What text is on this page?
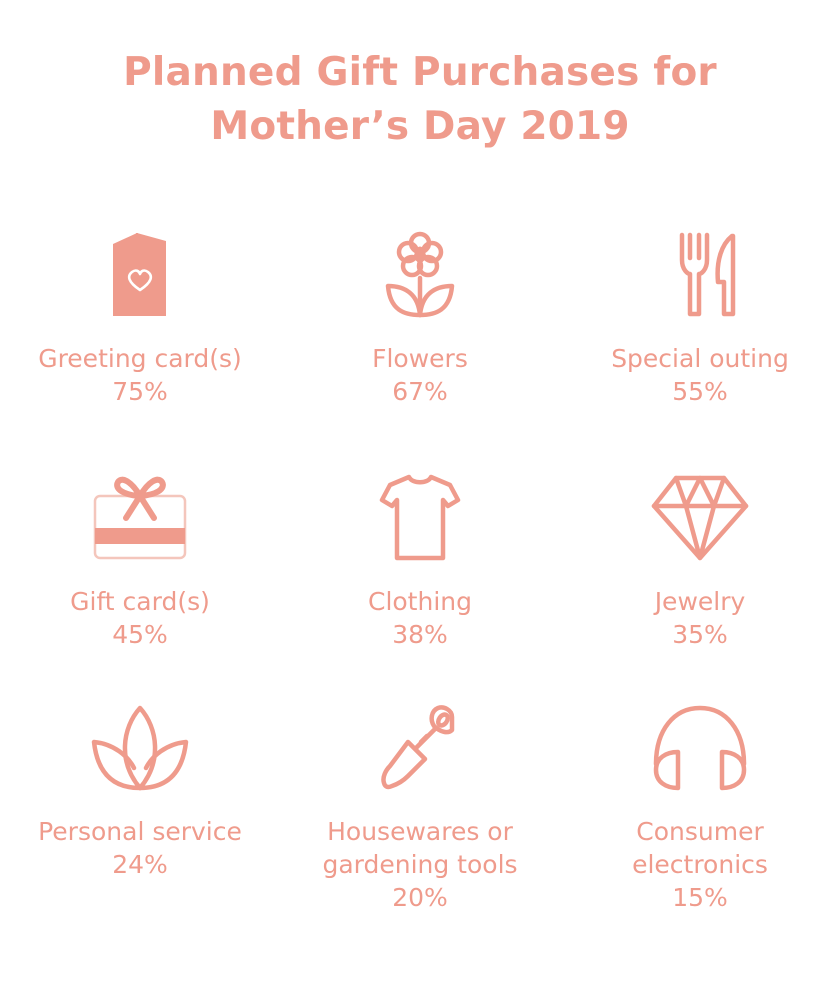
Planned Gift Purchases for
Mother’s Day 2019
Greeting card(s)
75%
Flowers
67%
Special outing
55%
Gift card(s)
45%
Clothing
38%
Jewelry
35%
Personal service
24%
Housewares or
gardening tools
20%
Consumer
electronics
15%
